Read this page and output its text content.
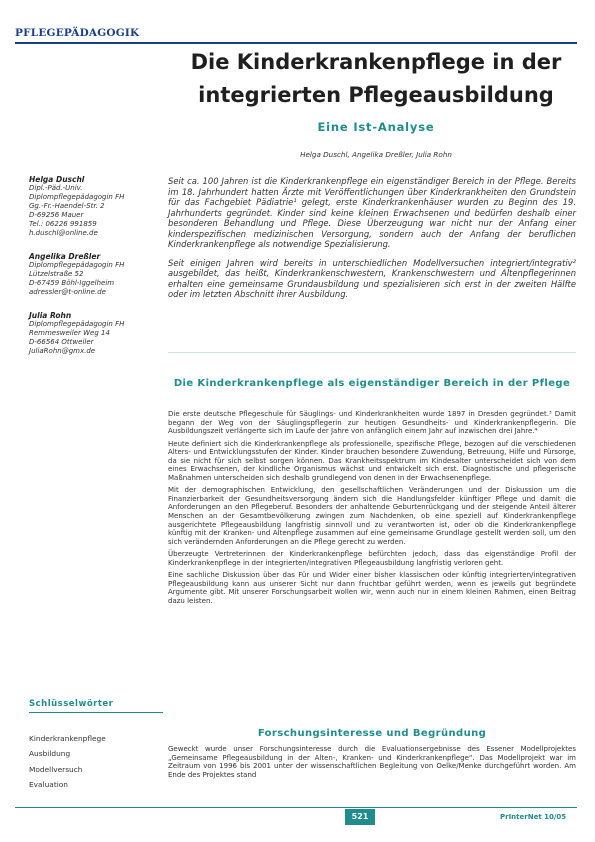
PFLEGEPÄDAGOGIK
Die Kinderkrankenpflege in der integrierten Pflegeausbildung
Eine Ist-Analyse
Helga Duschl, Angelika Dreßler, Julia Rohn
Helga Duschl
Dipl.-Päd.-Univ.
Diplompflegepädagogin FH
Gg.-Fr.-Haendel-Str. 2
D-69256 Mauer
Tel.: 06226 991859
h.duschl@online.de
Angelika Dreßler
Diplompflegepädagogin FH
Lützelstraße 52
D-67459 Böhl-Iggelheim
adressler@t-online.de
Julia Rohn
Diplompflegepädagogin FH
Remmesweiler Weg 14
D-66564 Ottweiler
JuliaRohn@gmx.de
Schlüsselwörter
Kinderkrankenpflege
Ausbildung
Modellversuch
Evaluation

Seit ca. 100 Jahren ist die Kinderkrankenpflege ein eigenständiger Bereich in der Pflege. Bereits im 18. Jahrhundert hatten Ärzte mit Veröffentlichungen über Kinderkrankheiten den Grundstein für das Fachgebiet Pädiatrie¹ gelegt, erste Kinderkrankenhäuser wurden zu Beginn des 19. Jahrhunderts gegründet. Kinder sind keine kleinen Erwachsenen und bedürfen deshalb einer besonderen Behandlung und Pflege. Diese Überzeugung war nicht nur der Anfang einer kinderspezifischen medizinischen Versorgung, sondern auch der Anfang der beruflichen Kinderkrankenpflege als notwendige Spezialisierung.

Seit einigen Jahren wird bereits in unterschiedlichen Modellversuchen integriert/integrativ² ausgebildet, das heißt, Kinderkrankenschwestern, Krankenschwestern und Altenpflegerinnen erhalten eine gemeinsame Grundausbildung und spezialisieren sich erst in der zweiten Hälfte oder im letzten Abschnitt ihrer Ausbildung.

Die Kinderkrankenpflege als eigenständiger Bereich in der Pflege

Die erste deutsche Pflegeschule für Säuglings- und Kinderkrankheiten wurde 1897 in Dresden gegründet.³ Damit begann der Weg von der Säuglingspflegerin zur heutigen Gesundheits- und Kinderkrankenpflegerin. Die Ausbildungszeit verlängerte sich im Laufe der Jahre von anfänglich einem Jahr auf inzwischen drei Jahre.⁴

Heute definiert sich die Kinderkrankenpflege als professionelle, spezifische Pflege, bezogen auf die verschiedenen Alters- und Entwicklungsstufen der Kinder. Kinder brauchen besondere Zuwendung, Betreuung, Hilfe und Fürsorge, da sie nicht für sich selbst sorgen können. Das Krankheitsspektrum im Kindesalter unterscheidet sich von dem eines Erwachsenen, der kindliche Organismus wächst und entwickelt sich erst. Diagnostische und pflegerische Maßnahmen unterscheiden sich deshalb grundlegend von denen in der Erwachsenenpflege.

Mit der demographischen Entwicklung, den gesellschaftlichen Veränderungen und der Diskussion um die Finanzierbarkeit der Gesundheitsversorgung ändern sich die Handlungsfelder künftiger Pflege und damit die Anforderungen an den Pflegeberuf. Besonders der anhaltende Geburtenrückgang und der steigende Anteil älterer Menschen an der Gesamtbevölkerung zwingen zum Nachdenken, ob eine speziell auf Kinderkrankenpflege ausgerichtete Pflegeausbildung langfristig sinnvoll und zu verantworten ist, oder ob die Kinderkrankenpflege künftig mit der Kranken- und Altenpflege zusammen auf eine gemeinsame Grundlage gestellt werden soll, um den sich verändernden Anforderungen an die Pflege gerecht zu werden.

Überzeugte Vertreterinnen der Kinderkrankenpflege befürchten jedoch, dass das eigenständige Profil der Kinderkrankenpflege in der integrierten/integrativen Pflegeausbildung langfristig verloren geht.

Eine sachliche Diskussion über das Für und Wider einer bisher klassischen oder künftig integrierten/integrativen Pflegeausbildung kann aus unserer Sicht nur dann fruchtbar geführt werden, wenn es jeweils gut begründete Argumente gibt. Mit unserer Forschungsarbeit wollen wir, wenn auch nur in einem kleinen Rahmen, einen Beitrag dazu leisten.

Forschungsinteresse und Begründung

Geweckt wurde unser Forschungsinteresse durch die Evaluationsergebnisse des Essener Modellprojektes „Gemeinsame Pflegeausbildung in der Alten-, Kranken- und Kinderkrankenpflege“. Das Modellprojekt war im Zeitraum von 1996 bis 2001 unter der wissenschaftlichen Begleitung von Oelke/Menke durchgeführt worden. Am Ende des Projektes stand

521	PrInterNet 10/05
